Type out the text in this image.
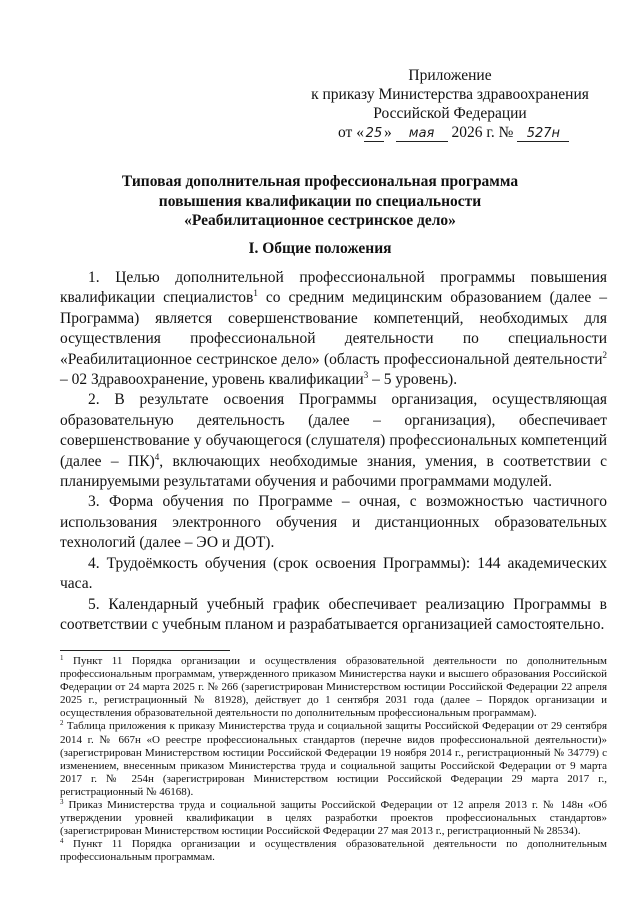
Приложение
к приказу Министерства здравоохранения
Российской Федерации
от « 25 » мая 2026 г. № 527н
Типовая дополнительная профессиональная программа
повышения квалификации по специальности
«Реабилитационное сестринское дело»
I. Общие положения

1. Целью дополнительной профессиональной программы повышения квалификации специалистов$^1$ со средним медицинским образованием (далее – Программа) является совершенствование компетенций, необходимых для осуществления профессиональной деятельности по специальности «Реабилитационное сестринское дело» (область профессиональной деятельности$^2$ – 02 Здравоохранение, уровень квалификации$^3$ – 5 уровень).

2. В результате освоения Программы организация, осуществляющая образовательную деятельность (далее – организация), обеспечивает совершенствование у обучающегося (слушателя) профессиональных компетенций (далее – ПК)$^4$, включающих необходимые знания, умения, в соответствии с планируемыми результатами обучения и рабочими программами модулей.

3. Форма обучения по Программе – очная, с возможностью частичного использования электронного обучения и дистанционных образовательных технологий (далее – ЭО и ДОТ).

4. Трудоёмкость обучения (срок освоения Программы): 144 академических часа.

5. Календарный учебный график обеспечивает реализацию Программы в соответствии с учебным планом и разрабатывается организацией самостоятельно.

$^1$ Пункт 11 Порядка организации и осуществления образовательной деятельности по дополнительным профессиональным программам, утвержденного приказом Министерства науки и высшего образования Российской Федерации от 24 марта 2025 г. № 266 (зарегистрирован Министерством юстиции Российской Федерации 22 апреля 2025 г., регистрационный № 81928), действует до 1 сентября 2031 года (далее – Порядок организации и осуществления образовательной деятельности по дополнительным профессиональным программам).

$^2$ Таблица приложения к приказу Министерства труда и социальной защиты Российской Федерации от 29 сентября 2014 г. № 667н «О реестре профессиональных стандартов (перечне видов профессиональной деятельности)» (зарегистрирован Министерством юстиции Российской Федерации 19 ноября 2014 г., регистрационный № 34779) с изменением, внесенным приказом Министерства труда и социальной защиты Российской Федерации от 9 марта 2017 г. № 254н (зарегистрирован Министерством юстиции Российской Федерации 29 марта 2017 г., регистрационный № 46168).

$^3$ Приказ Министерства труда и социальной защиты Российской Федерации от 12 апреля 2013 г. № 148н «Об утверждении уровней квалификации в целях разработки проектов профессиональных стандартов» (зарегистрирован Министерством юстиции Российской Федерации 27 мая 2013 г., регистрационный № 28534).

$^4$ Пункт 11 Порядка организации и осуществления образовательной деятельности по дополнительным профессиональным программам.
